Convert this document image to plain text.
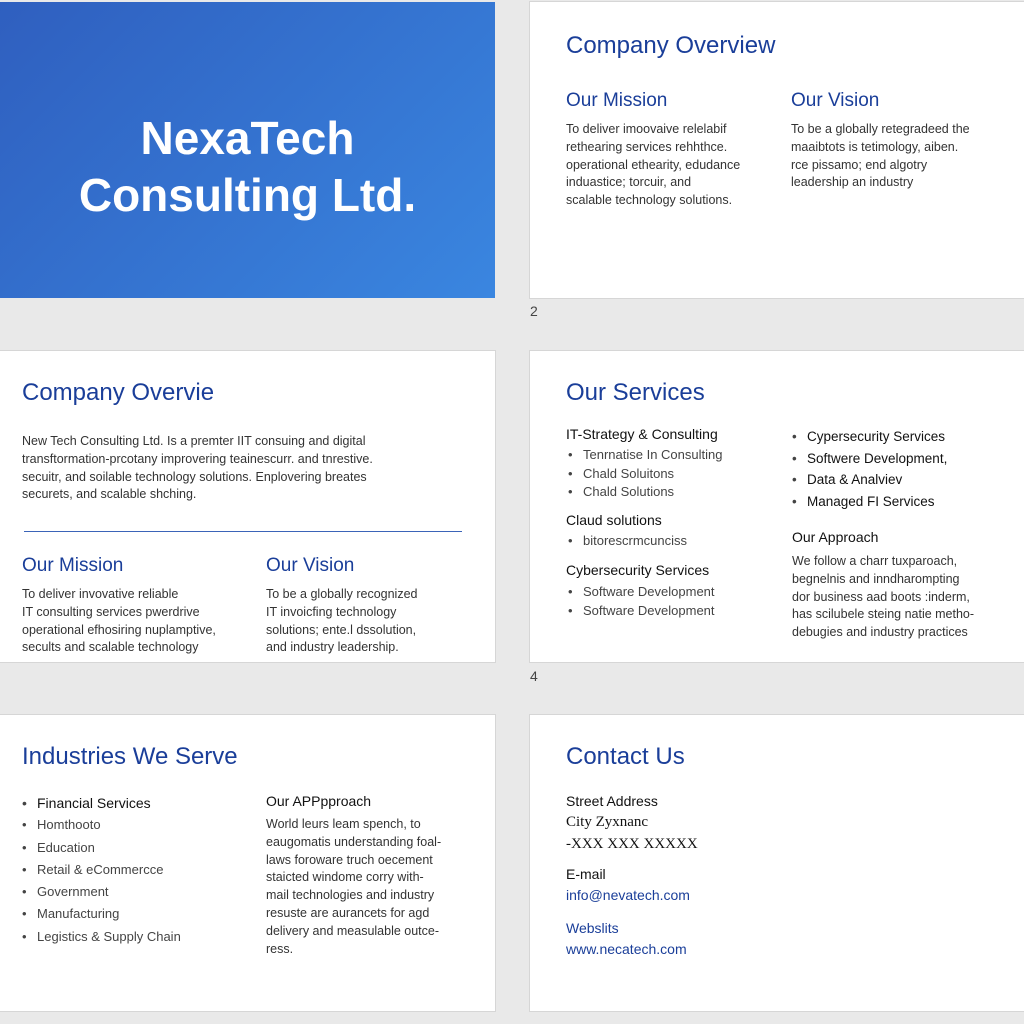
NexaTech
Consulting Ltd.
Company Overview
Our Mission
To deliver imoovaive relelabif
rethearing services rehhthce.
operational ethearity, edudance
induastice; torcuir, and
scalable technology solutions.
Our Vision
To be a globally retegradeed the
maaibtots is tetimology, aiben.
rce pissamo; end algotry
leadership an industry
2
Company Overvie
New Tech Consulting Ltd. Is a premter IIT consuing and digital
transftormation-prcotany improvering teainescurr. and tnrestive.
secuitr, and soilable technology solutions. Enplovering breates
securets, and scalable shching.
Our Mission
To deliver invovative reliable
IT consulting services pwerdrive
operational efhosiring nuplamptive,
secults and scalable technology
Our Vision
To be a globally recognized
IT invoicfing technology
solutions; ente.l dssolution,
and industry leadership.
Our Services
IT-Strategy & Consulting
• Tenrnatise In Consulting
• Chald Soluitons
• Chald Solutions
Claud solutions
• bitorescrmcunciss
Cybersecurity Services
• Software Development
• Software Development
• Cypersecurity Services
• Softwere Development,
• Data & Analviev
• Managed FI Services
Our Approach
We follow a charr tuxparoach,
begnelnis and inndharompting
dor business aad boots :inderm,
has scilubele steing natie metho-
debugies and industry practices
4
Industries We Serve
• Financial Services
• Homthooto
• Education
• Retail & eCommercce
• Government
• Manufacturing
• Legistics & Supply Chain
Our APPpproach
World leurs leam spench, to
eaugomatis understanding foal-
laws foroware truch oecement
staicted windome corry with-
mail technologies and industry
resuste are aurancets for agd
delivery and measulable outce-
ress.
Contact Us
Street Address
City Zyxnanc
-XXX XXX XXXXX
E-mail
info@nevatech.com
Webslits
www.necatech.com
